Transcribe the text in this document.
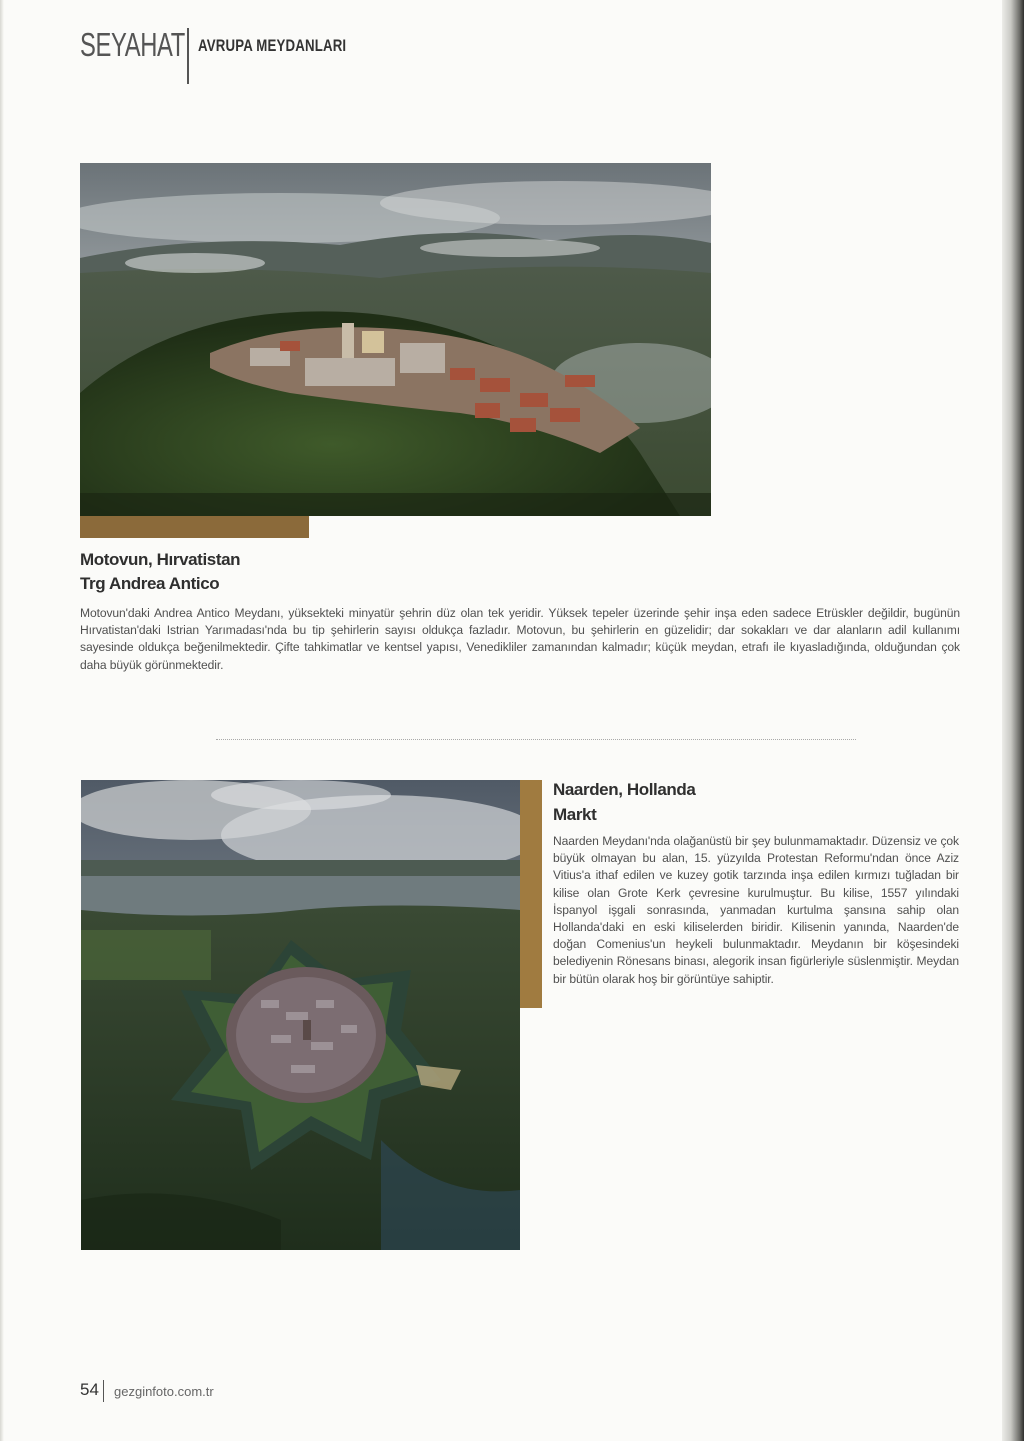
SEYAHAT AVRUPA MEYDANLARI
Motovun, Hırvatistan
Trg Andrea Antico
Motovun'daki Andrea Antico Meydanı, yüksekteki minyatür şehrin düz olan tek yeridir. Yüksek tepeler üzerinde şehir inşa eden sadece Etrüskler değildir, bugünün Hırvatistan'daki Istrian Yarımadası'nda bu tip şehirlerin sayısı oldukça fazladır. Motovun, bu şehirlerin en güzelidir; dar sokakları ve dar alanların adil kullanımı sayesinde oldukça beğenilmektedir. Çifte tahkimatlar ve kentsel yapısı, Venedikliler zamanından kalmadır; küçük meydan, etrafı ile kıyasladığında, olduğundan çok daha büyük görünmektedir.
Naarden, Hollanda
Markt
Naarden Meydanı'nda olağanüstü bir şey bulunmamaktadır. Düzensiz ve çok büyük olmayan bu alan, 15. yüzyılda Protestan Reformu'ndan önce Aziz Vitius'a ithaf edilen ve kuzey gotik tarzında inşa edilen kırmızı tuğladan bir kilise olan Grote Kerk çevresine kurulmuştur. Bu kilise, 1557 yılındaki İspanyol işgali sonrasında, yanmadan kurtulma şansına sahip olan Hollanda'daki en eski kiliselerden biridir. Kilisenin yanında, Naarden'de doğan Comenius'un heykeli bulunmaktadır. Meydanın bir köşesindeki belediyenin Rönesans binası, alegorik insan figürleriyle süslenmiştir. Meydan bir bütün olarak hoş bir görüntüye sahiptir.
54 gezginfoto.com.tr
